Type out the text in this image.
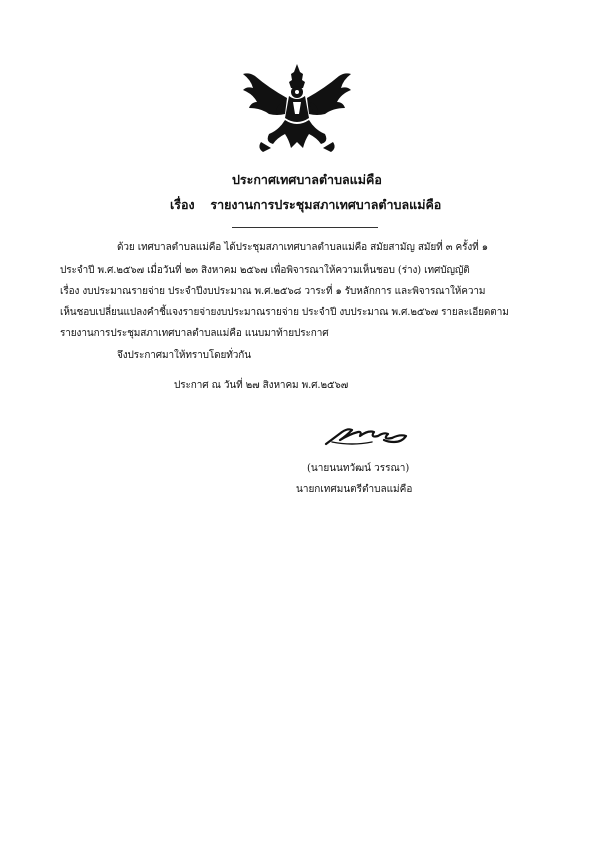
ประกาศเทศบาลตำบลแม่คือ
เรื่อง รายงานการประชุมสภาเทศบาลตำบลแม่คือ
ด้วย เทศบาลตำบลแม่คือ ได้ประชุมสภาเทศบาลตำบลแม่คือ สมัยสามัญ สมัยที่ ๓ ครั้งที่ ๑
ประจำปี พ.ศ.๒๕๖๗ เมื่อวันที่ ๒๓ สิงหาคม ๒๕๖๗ เพื่อพิจารณาให้ความเห็นชอบ (ร่าง) เทศบัญญัติ
เรื่อง งบประมาณรายจ่าย ประจำปีงบประมาณ พ.ศ.๒๕๖๘ วาระที่ ๑ รับหลักการ และพิจารณาให้ความ
เห็นชอบเปลี่ยนแปลงคำชี้แจงรายจ่ายงบประมาณรายจ่าย ประจำปี งบประมาณ พ.ศ.๒๕๖๗ รายละเอียดตาม
รายงานการประชุมสภาเทศบาลตำบลแม่คือ แนบมาท้ายประกาศ
จึงประกาศมาให้ทราบโดยทั่วกัน
ประกาศ ณ วันที่ ๒๗ สิงหาคม พ.ศ.๒๕๖๗
(นายนนทวัฒน์ วรรณา)
นายกเทศมนตรีตำบลแม่คือ
